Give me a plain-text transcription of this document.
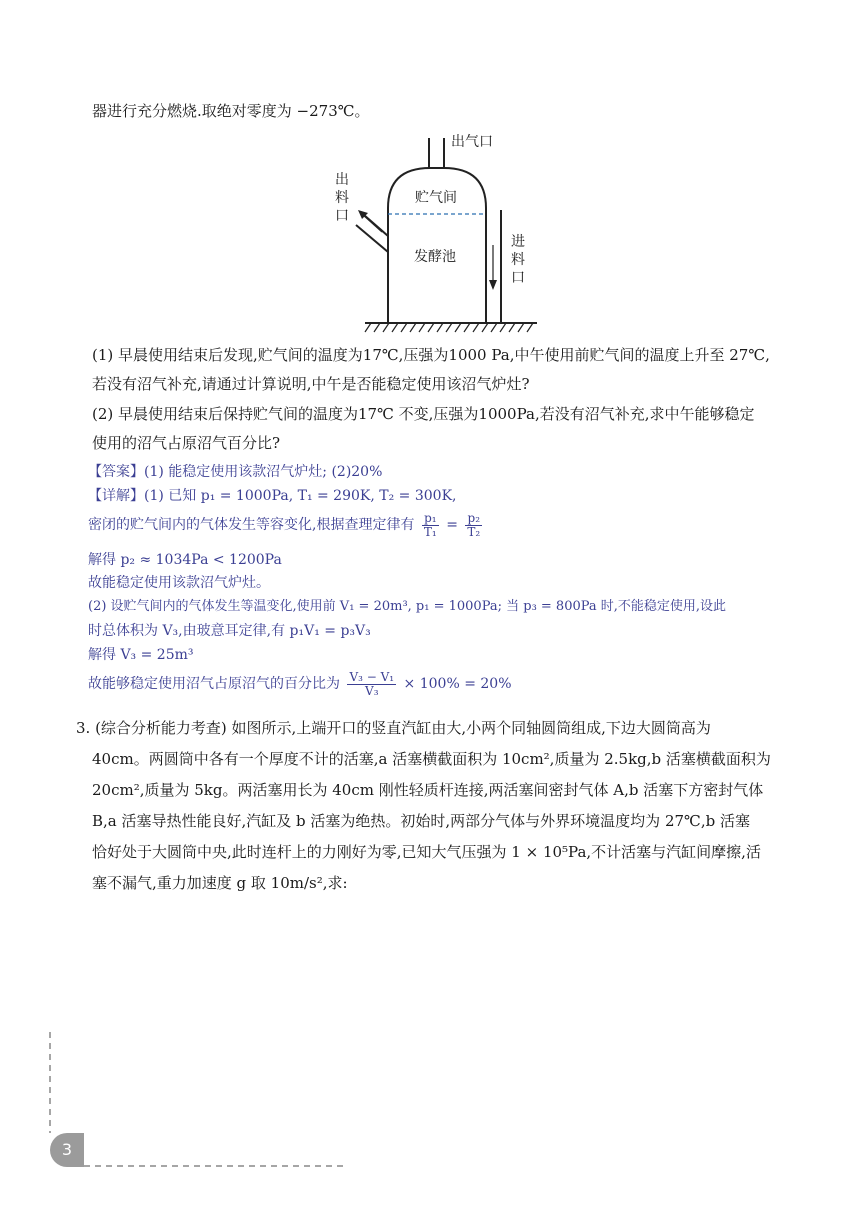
器进行充分燃烧.取绝对零度为 −273℃。
出气口
出
料
口
贮气间
发酵池
进
料
口
(1) 早晨使用结束后发现,贮气间的温度为17℃,压强为1000 Pa,中午使用前贮气间的温度上升至 27℃,
若没有沼气补充,请通过计算说明,中午是否能稳定使用该沼气炉灶?
(2) 早晨使用结束后保持贮气间的温度为17℃ 不变,压强为1000Pa,若没有沼气补充,求中午能够稳定
使用的沼气占原沼气百分比?
【答案】(1) 能稳定使用该款沼气炉灶; (2)20%
【详解】(1) 已知 p₁ = 1000Pa, T₁ = 290K, T₂ = 300K,
密闭的贮气间内的气体发生等容变化,根据查理定律有 $\frac{\text{p₁}}{\text{T₁}} = \frac{\text{p₂}}{\text{T₂}}$
解得 p₂ ≈ 1034Pa < 1200Pa
故能稳定使用该款沼气炉灶。
(2) 设贮气间内的气体发生等温变化,使用前 V₁ = 20m³, p₁ = 1000Pa; 当 p₃ = 800Pa 时,不能稳定使用,设此
时总体积为 V₃,由玻意耳定律,有 p₁V₁ = p₃V₃
解得 V₃ = 25m³
故能够稳定使用沼气占原沼气的百分比为 $\frac{\text{V₃ − V₁}}{\text{V₃}} \times 100\% = 20\%$
3. (综合分析能力考查) 如图所示,上端开口的竖直汽缸由大,小两个同轴圆筒组成,下边大圆筒高为
40cm。两圆筒中各有一个厚度不计的活塞,a 活塞横截面积为 10cm²,质量为 2.5kg,b 活塞横截面积为
20cm²,质量为 5kg。两活塞用长为 40cm 刚性轻质杆连接,两活塞间密封气体 A,b 活塞下方密封气体
B,a 活塞导热性能良好,汽缸及 b 活塞为绝热。初始时,两部分气体与外界环境温度均为 27℃,b 活塞
恰好处于大圆筒中央,此时连杆上的力刚好为零,已知大气压强为 1 × 10⁵Pa,不计活塞与汽缸间摩擦,活
塞不漏气,重力加速度 g 取 10m/s²,求:
3
